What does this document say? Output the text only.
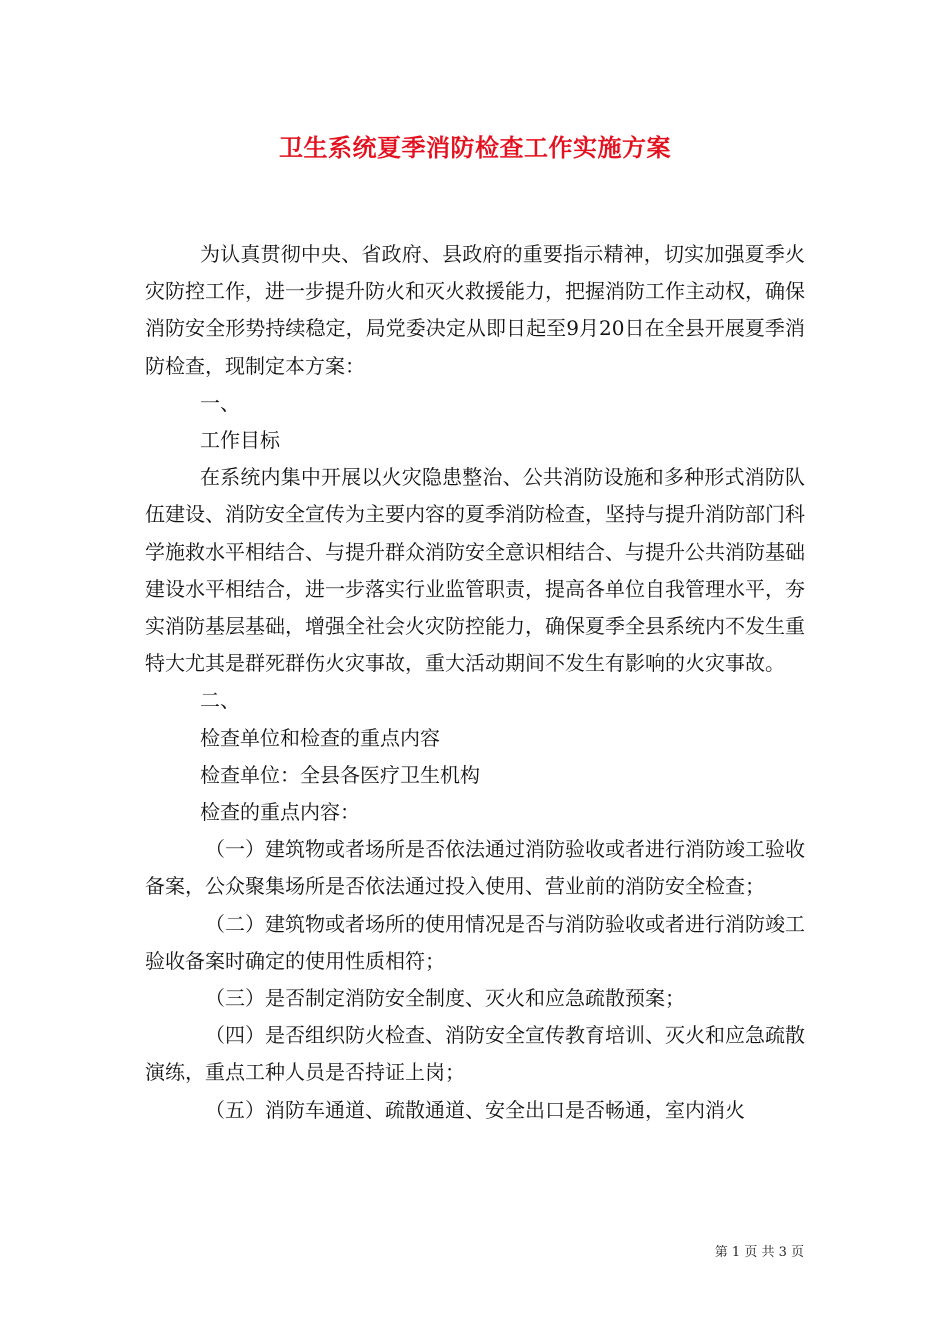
卫生系统夏季消防检查工作实施方案

为认真贯彻中央、省政府、县政府的重要指示精神，切实加强夏季火灾防控工作，进一步提升防火和灭火救援能力，把握消防工作主动权，确保消防安全形势持续稳定，局党委决定从即日起至9月20日在全县开展夏季消防检查，现制定本方案：

一、

工作目标

在系统内集中开展以火灾隐患整治、公共消防设施和多种形式消防队伍建设、消防安全宣传为主要内容的夏季消防检查，坚持与提升消防部门科学施救水平相结合、与提升群众消防安全意识相结合、与提升公共消防基础建设水平相结合，进一步落实行业监管职责，提高各单位自我管理水平，夯实消防基层基础，增强全社会火灾防控能力，确保夏季全县系统内不发生重特大尤其是群死群伤火灾事故，重大活动期间不发生有影响的火灾事故。

二、

检查单位和检查的重点内容

检查单位：全县各医疗卫生机构

检查的重点内容：

（一）建筑物或者场所是否依法通过消防验收或者进行消防竣工验收备案，公众聚集场所是否依法通过投入使用、营业前的消防安全检查；

（二）建筑物或者场所的使用情况是否与消防验收或者进行消防竣工验收备案时确定的使用性质相符；

（三）是否制定消防安全制度、灭火和应急疏散预案；

（四）是否组织防火检查、消防安全宣传教育培训、灭火和应急疏散演练，重点工种人员是否持证上岗；

（五）消防车通道、疏散通道、安全出口是否畅通，室内消火

第 1 页 共 3 页
